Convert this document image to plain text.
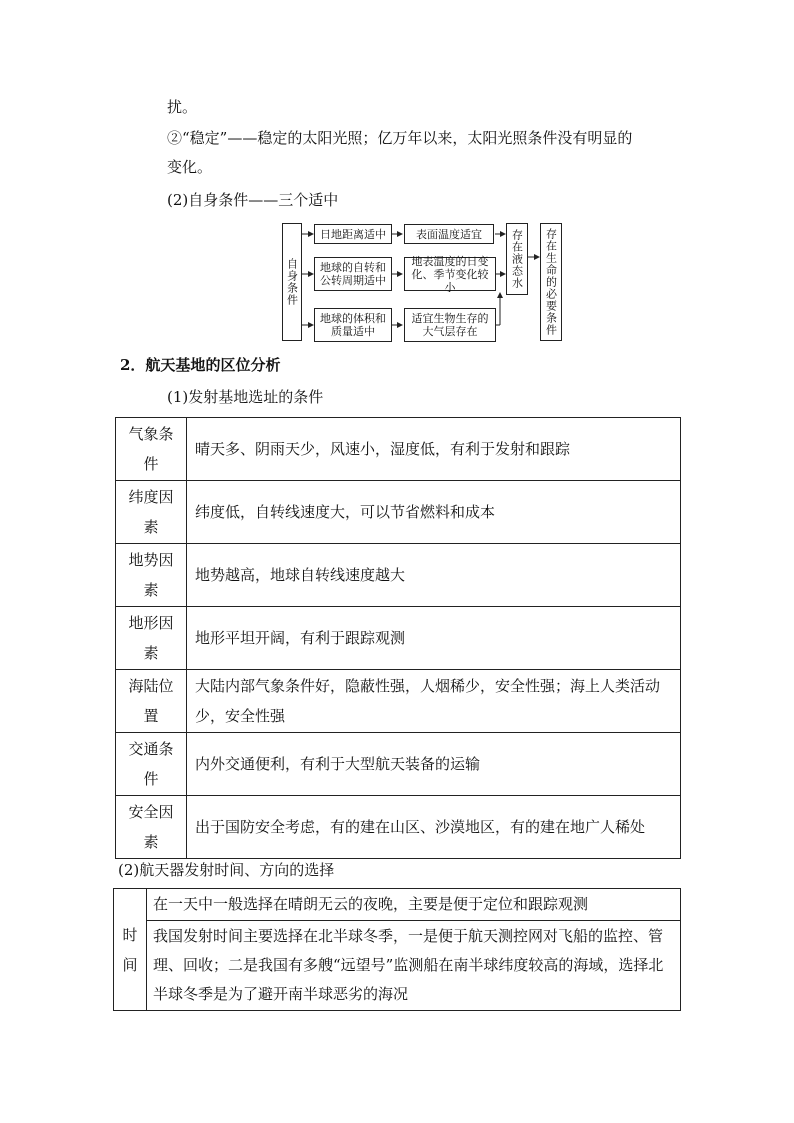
扰。
②“稳定”——稳定的太阳光照；亿万年以来，太阳光照条件没有明显的
变化。
(2)自身条件——三个适中
自身条件
日地距离适中	表面温度适宜
地球的自转和公转周期适中
地表温度的日变化、季节变化较小
地球的体积和质量适中
适宜生物生存的大气层存在
存在液态水	存在生命的必要条件
2．航天基地的区位分析
(1)发射基地选址的条件
气象条件	晴天多、阴雨天少，风速小，湿度低，有利于发射和跟踪
纬度因素	纬度低，自转线速度大，可以节省燃料和成本
地势因素	地势越高，地球自转线速度越大
地形因素	地形平坦开阔，有利于跟踪观测
海陆位置	大陆内部气象条件好，隐蔽性强，人烟稀少，安全性强；海上人类活动少，安全性强
交通条件	内外交通便利，有利于大型航天装备的运输
安全因素	出于国防安全考虑，有的建在山区、沙漠地区，有的建在地广人稀处
(2)航天器发射时间、方向的选择
时间	在一天中一般选择在晴朗无云的夜晚，主要是便于定位和跟踪观测
我国发射时间主要选择在北半球冬季，一是便于航天测控网对飞船的监控、管理、回收；二是我国有多艘“远望号”监测船在南半球纬度较高的海域，选择北半球冬季是为了避开南半球恶劣的海况
